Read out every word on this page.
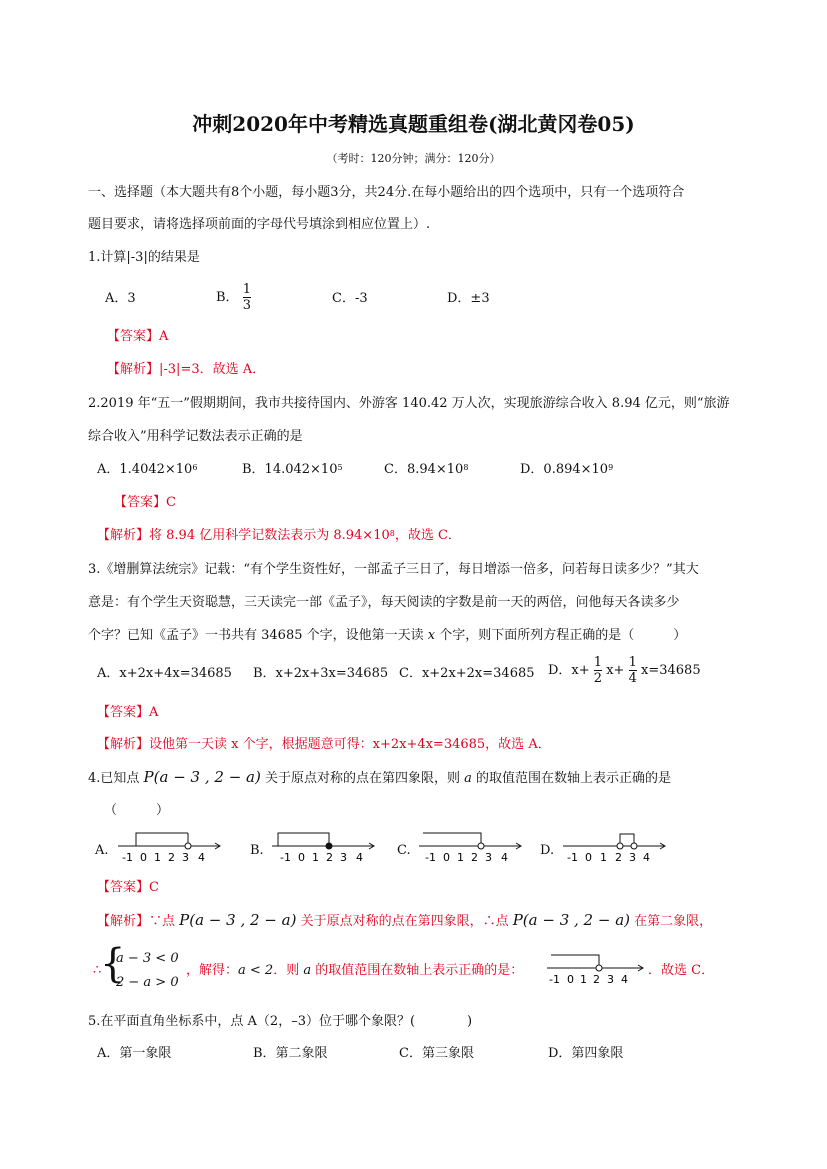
冲刺2020年中考精选真题重组卷(湖北黄冈卷05)
（考时：120分钟；满分：120分）
一、选择题（本大题共有8个小题，每小题3分，共24分.在每小题给出的四个选项中，只有一个选项符合
题目要求，请将选择项前面的字母代号填涂到相应位置上）.
1.计算|-3|的结果是
A．3	B． $\frac{1}{3}$	C．-3	D．±3
【答案】A
【解析】|-3|=3．故选 A．
2.2019 年“五一”假期期间，我市共接待国内、外游客 140.42 万人次，实现旅游综合收入 8.94 亿元，则“旅游
综合收入”用科学记数法表示正确的是
A．$1.4042\times 10^6$	B．$14.042\times 10^5$	C．$8.94\times 10^8$	D．$0.894\times 10^9$
【答案】C
【解析】将 8.94 亿用科学记数法表示为 $8.94\times 10^8$，故选 C．
3.《增删算法统宗》记载：“有个学生资性好，一部孟子三日了，每日增添一倍多，问若每日读多少？”其大
意是：有个学生天资聪慧，三天读完一部《孟子》，每天阅读的字数是前一天的两倍，问他每天各读多少
个字？已知《孟子》一书共有 34685 个字，设他第一天读 x 个字，则下面所列方程正确的是（　　　）
A．x+2x+4x=34685 B．x+2x+3x=34685 C．x+2x+2x=34685 D．$x+ \frac{1}{2} x+ \frac{1}{4} x=34685$
【答案】A
【解析】设他第一天读 x 个字，根据题意可得：x+2x+4x=34685，故选 A．
4.已知点 P(a − 3 , 2 − a) 关于原点对称的点在第四象限，则 a 的取值范围在数轴上表示正确的是
（　　　）
A. -1 0 1 2 3 4	B. -1 0 1 2 3 4	C. -1 0 1 2 3 4 D. -1 0 1 2 3 4
【答案】C
【解析】∵点 P(a − 3 , 2 − a) 关于原点对称的点在第四象限，∴点 P(a − 3 , 2 − a) 在第二象限，
∴
{
a − 3 < 0
2 − a > 0
，解得：a < 2．则 a 的取值范围在数轴上表示正确的是：
-1 0 1 2 3 4
．故选 C．
5.在平面直角坐标系中，点 A（2，–3）位于哪个象限？(　　　　)
A．第一象限	B．第二象限	C．第三象限	D．第四象限
